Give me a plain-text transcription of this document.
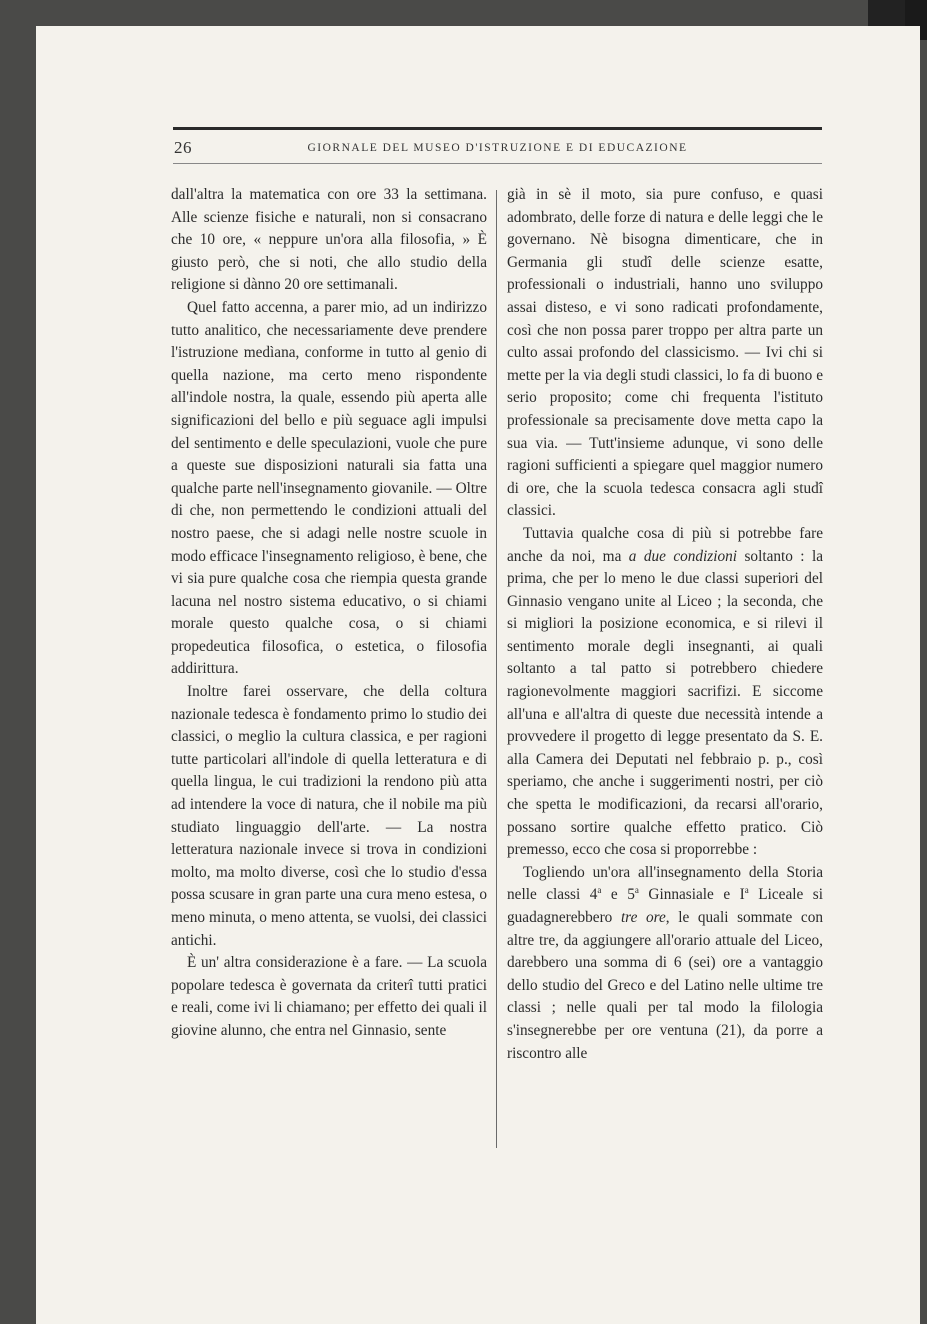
26	GIORNALE DEL MUSEO D'ISTRUZIONE E DI EDUCAZIONE

dall'altra la matematica con ore 33 la settimana. Alle scienze fisiche e naturali, non si consacrano che 10 ore, « neppure un'ora alla filosofia, » È giusto però, che si noti, che allo studio della religione si dànno 20 ore settimanali.

Quel fatto accenna, a parer mio, ad un indirizzo tutto analitico, che necessariamente deve prendere l'istruzione medìana, conforme in tutto al genio di quella nazione, ma certo meno rispondente all'indole nostra, la quale, essendo più aperta alle significazioni del bello e più seguace agli impulsi del sentimento e delle speculazioni, vuole che pure a queste sue disposizioni naturali sia fatta una qualche parte nell'insegnamento giovanile. — Oltre di che, non permettendo le condizioni attuali del nostro paese, che si adagi nelle nostre scuole in modo efficace l'insegnamento religioso, è bene, che vi sia pure qualche cosa che riempia questa grande lacuna nel nostro sistema educativo, o si chiami morale questo qualche cosa, o si chiami propedeutica filosofica, o estetica, o filosofia addirittura.

Inoltre farei osservare, che della coltura nazionale tedesca è fondamento primo lo studio dei classici, o meglio la cultura classica, e per ragioni tutte particolari all'indole di quella letteratura e di quella lingua, le cui tradizioni la rendono più atta ad intendere la voce di natura, che il nobile ma più studiato linguaggio dell'arte. — La nostra letteratura nazionale invece si trova in condizioni molto, ma molto diverse, così che lo studio d'essa possa scusare in gran parte una cura meno estesa, o meno minuta, o meno attenta, se vuolsi, dei classici antichi.

È un' altra considerazione è a fare. — La scuola popolare tedesca è governata da criterî tutti pratici e reali, come ivi li chiamano; per effetto dei quali il giovine alunno, che entra nel Ginnasio, sente

già in sè il moto, sia pure confuso, e quasi adombrato, delle forze di natura e delle leggi che le governano. Nè bisogna dimenticare, che in Germania gli studî delle scienze esatte, professionali o industriali, hanno uno sviluppo assai disteso, e vi sono radicati profondamente, così che non possa parer troppo per altra parte un culto assai profondo del classicismo. — Ivi chi si mette per la via degli studi classici, lo fa di buono e serio proposito; come chi frequenta l'istituto professionale sa precisamente dove metta capo la sua via. — Tutt'insieme adunque, vi sono delle ragioni sufficienti a spiegare quel maggior numero di ore, che la scuola tedesca consacra agli studî classici.

Tuttavia qualche cosa di più si potrebbe fare anche da noi, ma a due condizioni soltanto : la prima, che per lo meno le due classi superiori del Ginnasio vengano unite al Liceo ; la seconda, che si migliori la posizione economica, e si rilevi il sentimento morale degli insegnanti, ai quali soltanto a tal patto si potrebbero chiedere ragionevolmente maggiori sacrifizi. E siccome all'una e all'altra di queste due necessità intende a provvedere il progetto di legge presentato da S. E. alla Camera dei Deputati nel febbraio p. p., così speriamo, che anche i suggerimenti nostri, per ciò che spetta le modificazioni, da recarsi all'orario, possano sortire qualche effetto pratico. Ciò premesso, ecco che cosa si proporrebbe :

Togliendo un'ora all'insegnamento della Storia nelle classi 4$^a$ e 5$^a$ Ginnasiale e $I^a$ Liceale si guadagnerebbero tre ore, le quali sommate con altre tre, da aggiungere all'orario attuale del Liceo, darebbero una somma di 6 (sei) ore a vantaggio dello studio del Greco e del Latino nelle ultime tre classi ; nelle quali per tal modo la filologia s'insegnerebbe per ore ventuna (21), da porre a riscontro alle
